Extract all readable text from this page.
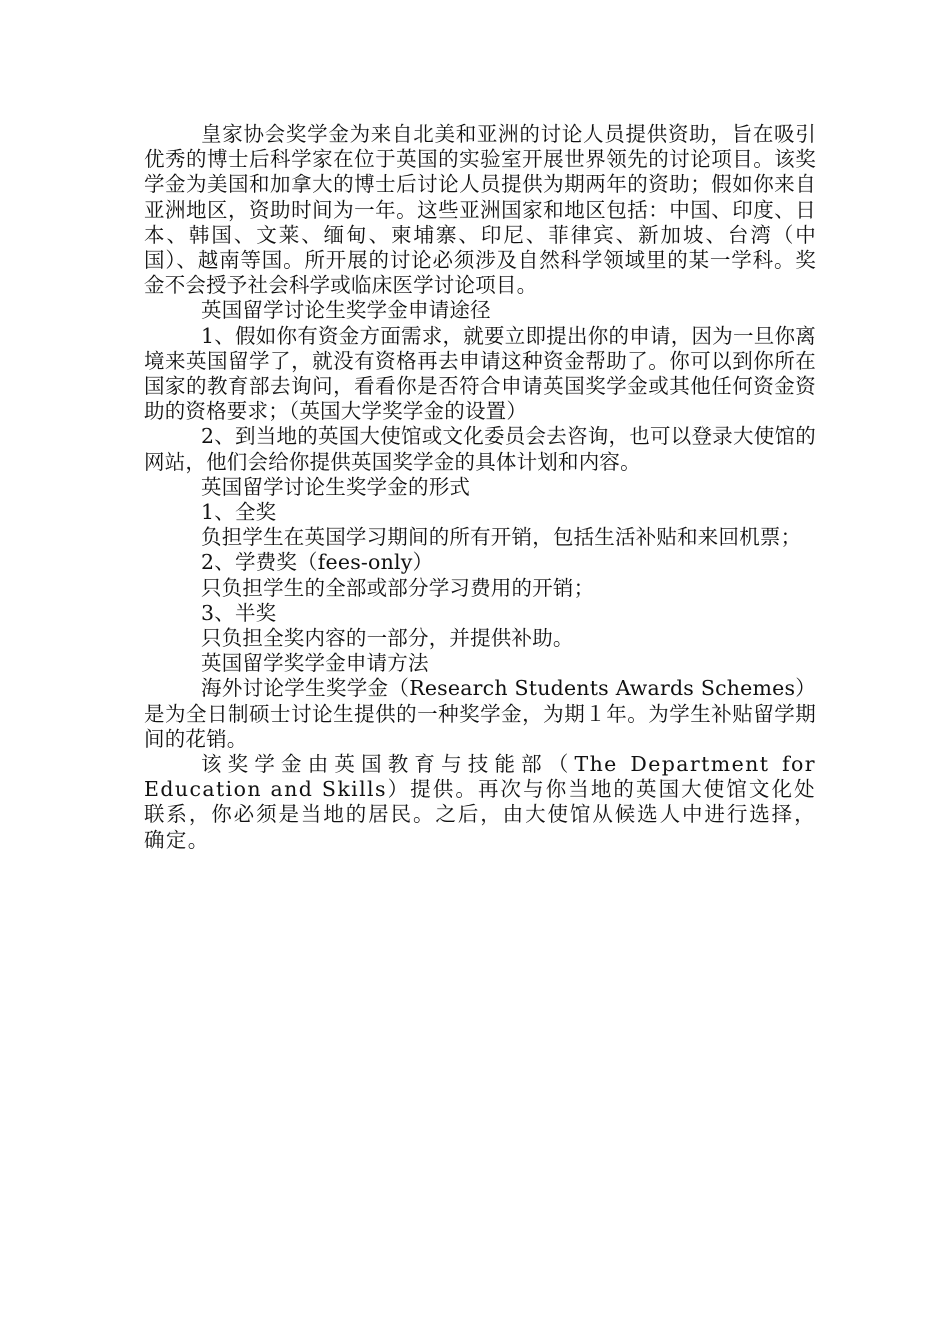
皇家协会奖学金为来自北美和亚洲的讨论人员提供资助，旨在吸引优秀的博士后科学家在位于英国的实验室开展世界领先的讨论项目。该奖学金为美国和加拿大的博士后讨论人员提供为期两年的资助；假如你来自亚洲地区，资助时间为一年。这些亚洲国家和地区包括：中国、印度、日本、韩国、文莱、缅甸、柬埔寨、印尼、菲律宾、新加坡、台湾（中国）、越南等国。所开展的讨论必须涉及自然科学领域里的某一学科。奖金不会授予社会科学或临床医学讨论项目。

英国留学讨论生奖学金申请途径

1、假如你有资金方面需求，就要立即提出你的申请，因为一旦你离境来英国留学了，就没有资格再去申请这种资金帮助了。你可以到你所在国家的教育部去询问，看看你是否符合申请英国奖学金或其他任何资金资助的资格要求；（英国大学奖学金的设置）

2、到当地的英国大使馆或文化委员会去咨询，也可以登录大使馆的网站，他们会给你提供英国奖学金的具体计划和内容。

英国留学讨论生奖学金的形式

1、全奖

负担学生在英国学习期间的所有开销，包括生活补贴和来回机票；

2、学费奖（fees-only）

只负担学生的全部或部分学习费用的开销；

3、半奖

只负担全奖内容的一部分，并提供补助。

英国留学奖学金申请方法

海外讨论学生奖学金（Research Students Awards Schemes）是为全日制硕士讨论生提供的一种奖学金，为期１年。为学生补贴留学期间的花销。

该奖学金由英国教育与技能部（The Department for Education and Skills）提供。再次与你当地的英国大使馆文化处联系，你必须是当地的居民。之后，由大使馆从候选人中进行选择，确定。
